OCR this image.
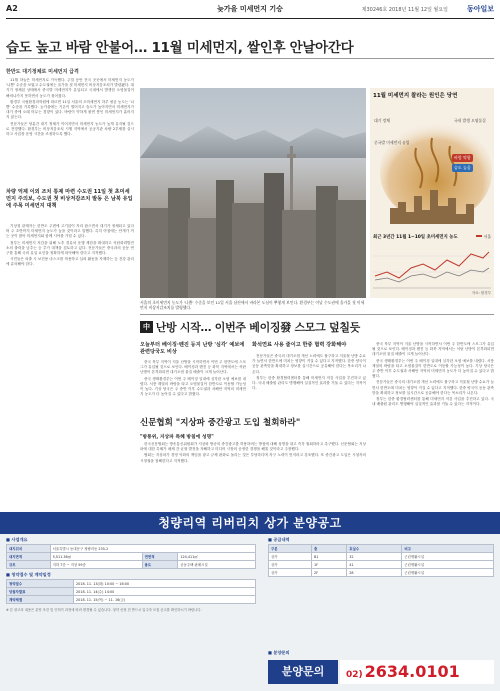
A2	늦가을 미세먼지 기승	제30246호 2018년 11월 12일 월요일	동아일보
습도 높고 바람 안불어… 11월 미세먼지, 쌀인후 안날아간다
한반도 대기정체로 미세먼지 급격

11월 하늘은 미세먼지로 가득했다. 주말 동안 전국 곳곳에서 미세먼지 농도가 '나쁨' 수준을 보였고 수도권에는 올가을 첫 미세먼지 비상저감조치가 발령됐다. 대기가 정체된 상태에서 중국발 미세먼지가 유입되고 국내에서 발생한 오염물질이 빠져나가지 못하면서 농도가 짙어졌다.

환경부 국립환경과학원에 따르면 11일 서울의 초미세먼지 하루 평균 농도는 '나쁨' 수준을 기록했다. 늦가을에는 기온이 떨어지고 습도가 높아지면서 미세먼지가 대기 중에 오래 머무는 경향이 있다. 바람이 약하게 불면 쌓인 미세먼지가 흩어지지 않는다.

전문가들은 당분간 대기 정체가 이어지면서 미세먼지 농도가 높게 유지될 것으로 전망했다. 환경부는 비상저감조치 시행 지역에서 공공기관 차량 2부제를 실시하고 사업장 운영 시간을 조정하도록 했다.

차량 억제 이외 조치 통제 마련 수도권 11일 첫 초미세먼지 주의보, 수도권 첫 비상저감조치 발동 은 남북 유입에 주목 미세먼지 대책

기상청 관계자는 한반도 주변에 고기압이 자리 잡으면서 대기가 정체되고 있다며 주 초반까지 미세먼지 농도가 높을 것이라고 말했다. 특히 아침에는 안개가 끼는 곳이 많아 미세먼지와 함께 시야를 가릴 수 있다.

정부는 미세먼지 저감을 위해 노후 경유차 운행 제한을 확대하고 석탄화력발전소의 출력을 낮추는 등 추가 대책을 검토하고 있다. 전문가들은 중국과의 공동 연구를 통해 국외 유입 요인을 정확하게 파악해야 한다고 지적했다.

시민들은 외출 시 보건용 마스크를 착용하고 실외 활동을 자제하는 등 건강 관리에 유의해야 한다.

서울의 초미세먼지 농도가 '나쁨' 수준을 보인 11일 서울 남산에서 바라본 도심이 뿌옇게 보인다. 환경부는 이날 수도권에 올가을 첫 미세먼지 비상저감조치를 발령했다.
11월 미세먼지 찰라는 원인은 당연
대기 정체
중국발 미세먼지 유입
국내 발생 오염물질
바람 약함
습도 높음
최근 3년간 11월 1~10일 초미세먼지 농도	서울
자료: 환경부
中 난방 시작… 이번주 베이징發 스모그 덮칠듯
오늘부터 베이징·톈진 등지 난방 '심각' 예보에 관련당국도 비상

중국 북부 지역이 겨울 난방을 시작하면서 이번 주 한반도에 스모그가 유입될 것으로 보인다. 베이징과 톈진 등 화북 지역에서는 석탄 난방이 본격화되면 대기오염 물질 배출이 크게 늘어난다.

중국 생태환경부는 이번 주 베이징 일대에 심각한 오염 예보를 내렸다. 서풍 계열의 바람을 타고 오염물질이 한반도로 이동할 가능성이 높다. 기상 당국은 주 중반 이후 수도권과 서해안 지역의 미세먼지 농도가 더 높아질 수 있다고 밝혔다.

화석연료 사용 줄이고 한중 협력 강화해야

전문가들은 중국의 대기오염 개선 노력에도 불구하고 겨울철 난방 수요가 늘면서 한반도에 미치는 영향이 커질 수 있다고 지적했다. 한중 양국이 공동 관측망을 확대하고 정보를 실시간으로 공유해야 한다는 목소리가 나온다.

정부는 한중 환경협력센터를 통해 미세먼지 저감 사업을 추진하고 있다. 국내 배출원 관리도 병행해야 실질적인 효과를 거둘 수 있다는 지적이다.

신문협회 "지상파 중간광고 도입 철회하라"
"방통위, 지상파 특혜 방침에 성명"

한국신문협회는 방송통신위원회가 지상파 방송의 중간광고를 허용하려는 방침에 대해 성명을 내고 즉각 철회하라고 촉구했다. 신문협회는 지상파에 대한 특혜가 매체 간 균형 발전을 저해하고 미디어 시장의 공정한 경쟁을 해칠 것이라고 주장했다.

협회는 지상파가 경영 악화의 책임을 광고 규제 완화로 돌리는 것은 부당하다며 자구 노력이 먼저라고 강조했다. 또 중간광고 도입은 시청자의 시청권을 침해한다고 지적했다.

중국 북부 지역이 겨울 난방을 시작하면서 이번 주 한반도에 스모그가 유입될 것으로 보인다. 베이징과 톈진 등 화북 지역에서는 석탄 난방이 본격화되면 대기오염 물질 배출이 크게 늘어난다.

중국 생태환경부는 이번 주 베이징 일대에 심각한 오염 예보를 내렸다. 서풍 계열의 바람을 타고 오염물질이 한반도로 이동할 가능성이 높다. 기상 당국은 주 중반 이후 수도권과 서해안 지역의 미세먼지 농도가 더 높아질 수 있다고 밝혔다.

전문가들은 중국의 대기오염 개선 노력에도 불구하고 겨울철 난방 수요가 늘면서 한반도에 미치는 영향이 커질 수 있다고 지적했다. 한중 양국이 공동 관측망을 확대하고 정보를 실시간으로 공유해야 한다는 목소리가 나온다.

정부는 한중 환경협력센터를 통해 미세먼지 저감 사업을 추진하고 있다. 국내 배출원 관리도 병행해야 실질적인 효과를 거둘 수 있다는 지적이다.

청량리역 리버리치 상가 분양공고
■ 사업개요
대지위치	서울특별시 동대문구 청량리동 235-2		
대지면적	5,511.36㎡	연면적	124,411㎡
규모	지하 7층 ~ 지상 59층	용도	공동주택·판매시설
■ 청약접수 및 계약일정
청약접수	2018. 11. 13(화) 10:00 ~ 16:00
당첨자발표	2018. 11. 14(수) 14:00
계약체결	2018. 11. 15(목) ~ 11. 16(금)
※ 본 광고의 내용은 분양 조건 및 인허가 과정에 따라 변경될 수 있습니다. 청약 신청 전 반드시 입주자 모집 공고를 확인하시기 바랍니다.
■ 공급내역
구분	층	호실수	비고
상가	B1	32	근린생활시설
상가	1F	41	근린생활시설
상가	2F	28	근린생활시설
■ 분양문의
분양문의	02) 2634.0101
